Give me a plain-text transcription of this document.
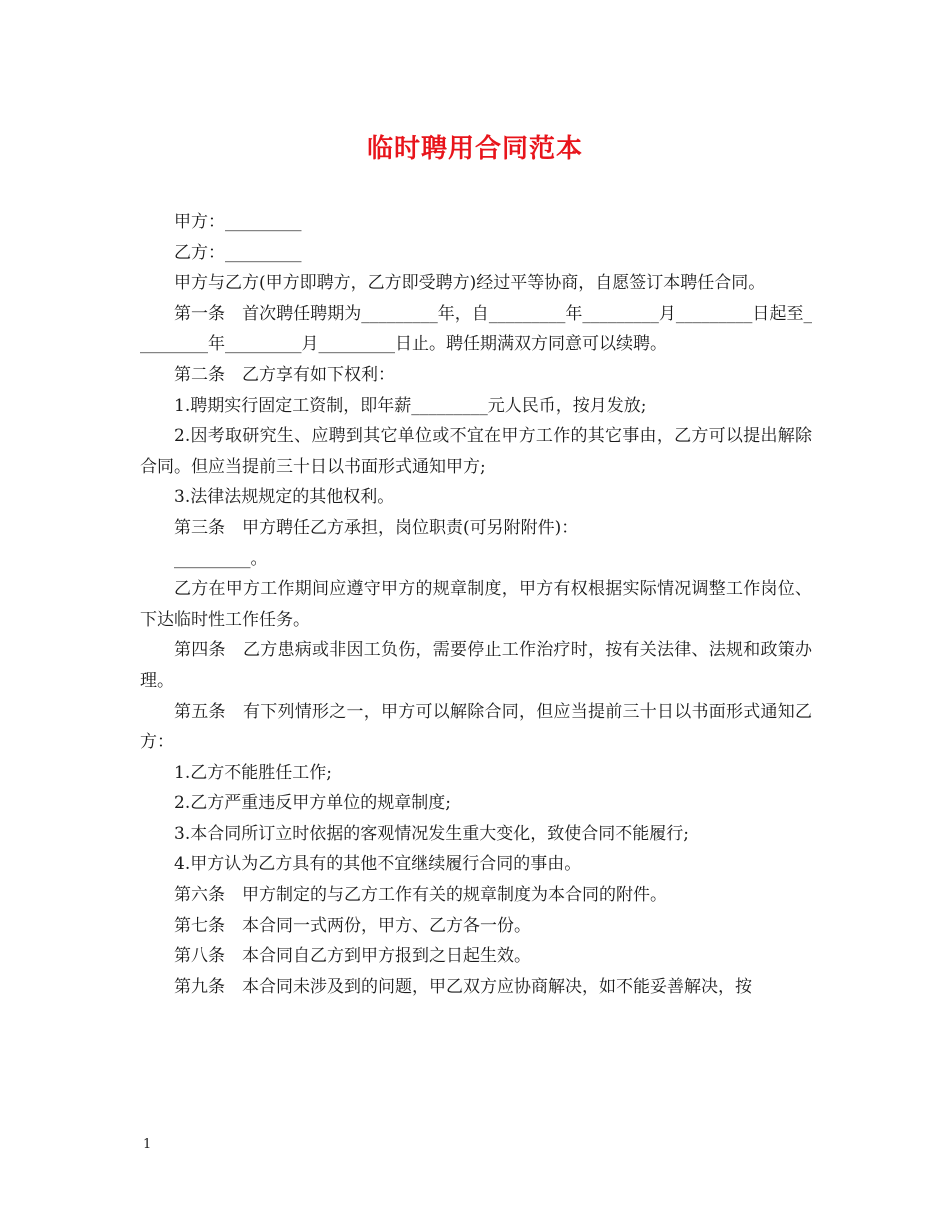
临时聘用合同范本

甲方：_________

乙方：_________

甲方与乙方(甲方即聘方，乙方即受聘方)经过平等协商，自愿签订本聘任合同。

第一条　首次聘任聘期为_________年，自_________年_________月_________日起至_________年_________月_________日止。聘任期满双方同意可以续聘。

第二条　乙方享有如下权利：

1.聘期实行固定工资制，即年薪_________元人民币，按月发放;

2.因考取研究生、应聘到其它单位或不宜在甲方工作的其它事由，乙方可以提出解除合同。但应当提前三十日以书面形式通知甲方;

3.法律法规规定的其他权利。

第三条　甲方聘任乙方承担，岗位职责(可另附附件)：

_________。

乙方在甲方工作期间应遵守甲方的规章制度，甲方有权根据实际情况调整工作岗位、下达临时性工作任务。

第四条　乙方患病或非因工负伤，需要停止工作治疗时，按有关法律、法规和政策办理。

第五条　有下列情形之一，甲方可以解除合同，但应当提前三十日以书面形式通知乙方：

1.乙方不能胜任工作;

2.乙方严重违反甲方单位的规章制度;

3.本合同所订立时依据的客观情况发生重大变化，致使合同不能履行;

4.甲方认为乙方具有的其他不宜继续履行合同的事由。

第六条　甲方制定的与乙方工作有关的规章制度为本合同的附件。

第七条　本合同一式两份，甲方、乙方各一份。

第八条　本合同自乙方到甲方报到之日起生效。

第九条　本合同未涉及到的问题，甲乙双方应协商解决，如不能妥善解决，按

1
